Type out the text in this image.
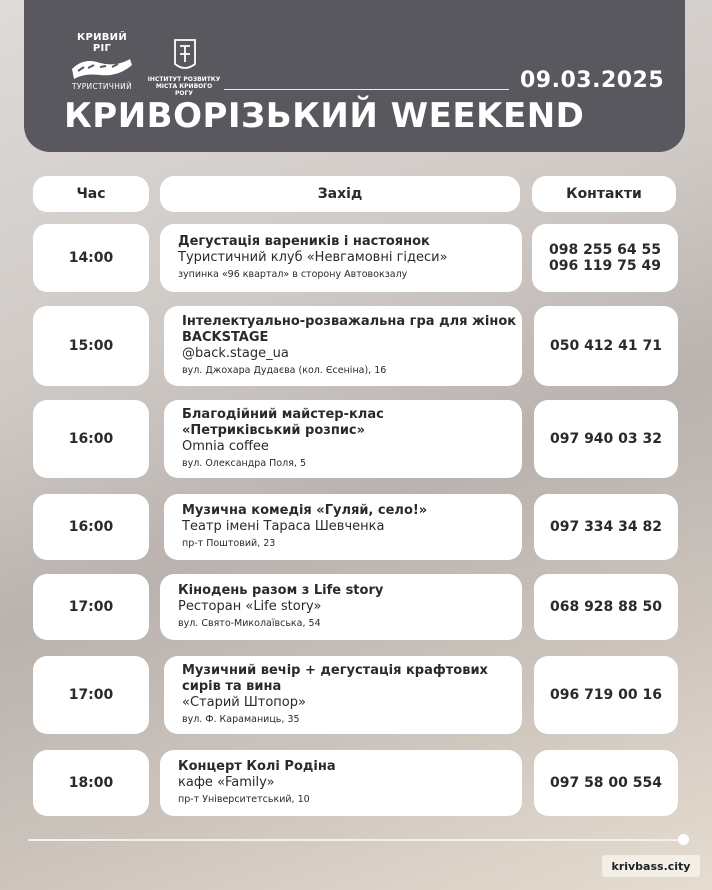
КРИВИЙ
РІГ
ТУРИСТИЧНИЙ
ІНСТИТУТ РОЗВИТКУ
МІСТА КРИВОГО РОГУ
09.03.2025
КРИВОРІЗЬКИЙ WEEKEND
Час	Захід	Контакти
14:00
Дегустація вареників і настоянок
Туристичний клуб «Невгамовні гідеси»
зупинка «96 квартал» в сторону Автовокзалу
098 255 64 55
096 119 75 49
15:00
Інтелектуально-розважальна гра для жінок
BACKSTAGE
@back.stage_ua
вул. Джохара Дудаєва (кол. Єсеніна), 16
050 412 41 71
16:00
Благодійний майстер-клас
«Петриківський розпис»
Omnia coffee
вул. Олександра Поля, 5
097 940 03 32
16:00
Музична комедія «Гуляй, село!»
Театр імені Тараса Шевченка
пр-т Поштовий, 23
097 334 34 82
17:00
Кінодень разом з Life story
Ресторан «Life story»
вул. Свято-Миколаївська, 54
068 928 88 50
17:00
Музичний вечір + дегустація крафтових
сирів та вина
«Старий Штопор»
вул. Ф. Караманиць, 35
096 719 00 16
18:00
Концерт Колі Родіна
кафе «Family»
пр-т Університетський, 10
097 58 00 554
krivbass.city
